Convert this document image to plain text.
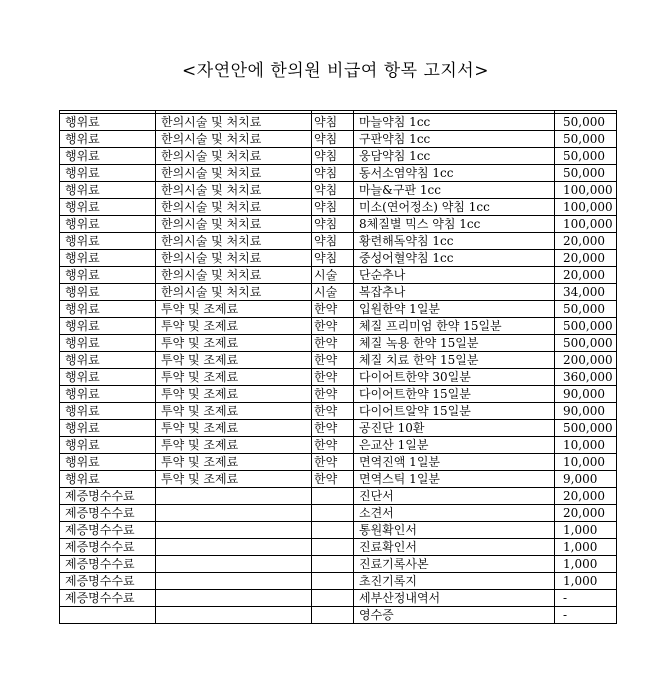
<자연안에 한의원 비급여 항목 고지서>

행위료	한의시술 및 처치료	약침	마늘약침 1cc	50,000
행위료	한의시술 및 처치료	약침	구판약침 1cc	50,000
행위료	한의시술 및 처치료	약침	웅담약침 1cc	50,000
행위료	한의시술 및 처치료	약침	동서소염약침 1cc	50,000
행위료	한의시술 및 처치료	약침	마늘&구판 1cc	100,000
행위료	한의시술 및 처치료	약침	미소(연어정소) 약침 1cc	100,000
행위료	한의시술 및 처치료	약침	8체질별 믹스 약침 1cc	100,000
행위료	한의시술 및 처치료	약침	황련해독약침 1cc	20,000
행위료	한의시술 및 처치료	약침	중성어혈약침 1cc	20,000
행위료	한의시술 및 처치료	시술	단순추나	20,000
행위료	한의시술 및 처치료	시술	복잡추나	34,000
행위료	투약 및 조제료	한약	입원한약 1일분	50,000
행위료	투약 및 조제료	한약	체질 프리미엄 한약 15일분	500,000
행위료	투약 및 조제료	한약	체질 녹용 한약 15일분	500,000
행위료	투약 및 조제료	한약	체질 치료 한약 15일분	200,000
행위료	투약 및 조제료	한약	다이어트한약 30일분	360,000
행위료	투약 및 조제료	한약	다이어트한약 15일분	90,000
행위료	투약 및 조제료	한약	다이어트알약 15일분	90,000
행위료	투약 및 조제료	한약	공진단 10환	500,000
행위료	투약 및 조제료	한약	은교산 1일분	10,000
행위료	투약 및 조제료	한약	면역진액 1일분	10,000
행위료	투약 및 조제료	한약	면역스틱 1일분	9,000
제증명수수료			진단서	20,000
제증명수수료			소견서	20,000
제증명수수료			통원확인서	1,000
제증명수수료			진료확인서	1,000
제증명수수료			진료기록사본	1,000
제증명수수료			초진기록지	1,000
제증명수수료			세부산정내역서	-
			영수증	-
